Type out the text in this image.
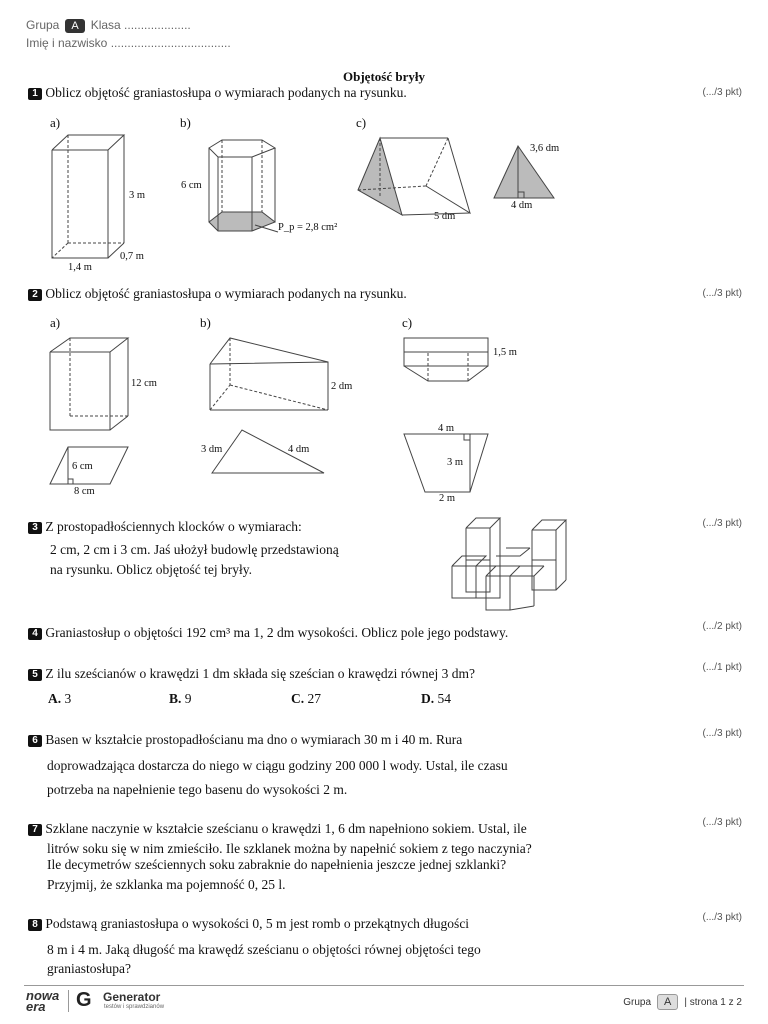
Grupa A Klasa ....................
Imię i nazwisko ....................................
Objętość bryły
1 Oblicz objętość graniastosłupa o wymiarach podanych na rysunku.	(.../3 pkt)
a)	b)	c)
3 m
0,7 m
1,4 m
6 cm
P_p = 2,8 cm²
5 dm
3,6 dm
4 dm
2 Oblicz objętość graniastosłupa o wymiarach podanych na rysunku.	(.../3 pkt)
a)	b)	c)
12 cm
6 cm
8 cm
2 dm
3 dm	4 dm
1,5 m
4 m
3 m
2 m
3 Z prostopadłościennych klocków o wymiarach:
2 cm, 2 cm i 3 cm. Jaś ułożył budowlę przedstawioną
na rysunku. Oblicz objętość tej bryły.
(.../3 pkt)
4 Graniastosłup o objętości 192 cm³ ma 1, 2 dm wysokości. Oblicz pole jego podstawy.	(.../2 pkt)
5 Z ilu sześcianów o krawędzi 1 dm składa się sześcian o krawędzi równej 3 dm?	(.../1 pkt)
A. 3	B. 9	C. 27	D. 54
6 Basen w kształcie prostopadłościanu ma dno o wymiarach 30 m i 40 m. Rura
doprowadzająca dostarcza do niego w ciągu godziny 200 000 l wody. Ustal, ile czasu
potrzeba na napełnienie tego basenu do wysokości 2 m.
(.../3 pkt)
7 Szklane naczynie w kształcie sześcianu o krawędzi 1, 6 dm napełniono sokiem. Ustal, ile
litrów soku się w nim zmieściło. Ile szklanek można by napełnić sokiem z tego naczynia?
Ile decymetrów sześciennych soku zabraknie do napełnienia jeszcze jednej szklanki?
Przyjmij, że szklanka ma pojemność 0, 25 l.
(.../3 pkt)
8 Podstawą graniastosłupa o wysokości 0, 5 m jest romb o przekątnych długości
8 m i 4 m. Jaką długość ma krawędź sześcianu o objętości równej objętości tego
graniastosłupa?
(.../3 pkt)
nowa
era	G Generator
testów i sprawdzianów	Grupa A | strona 1 z 2
